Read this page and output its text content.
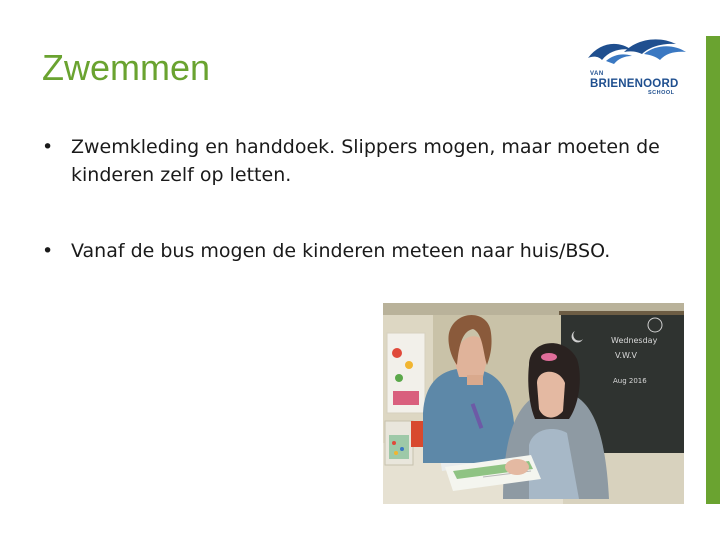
Zwemmen	VAN
BRIENENOORD
SCHOOL
• Zwemkleding en handdoek. Slippers mogen, maar moeten de kinderen zelf op letten.
• Vanaf de bus mogen de kinderen meteen naar huis/BSO.
Wednesday
V.W.V
Aug 2016
